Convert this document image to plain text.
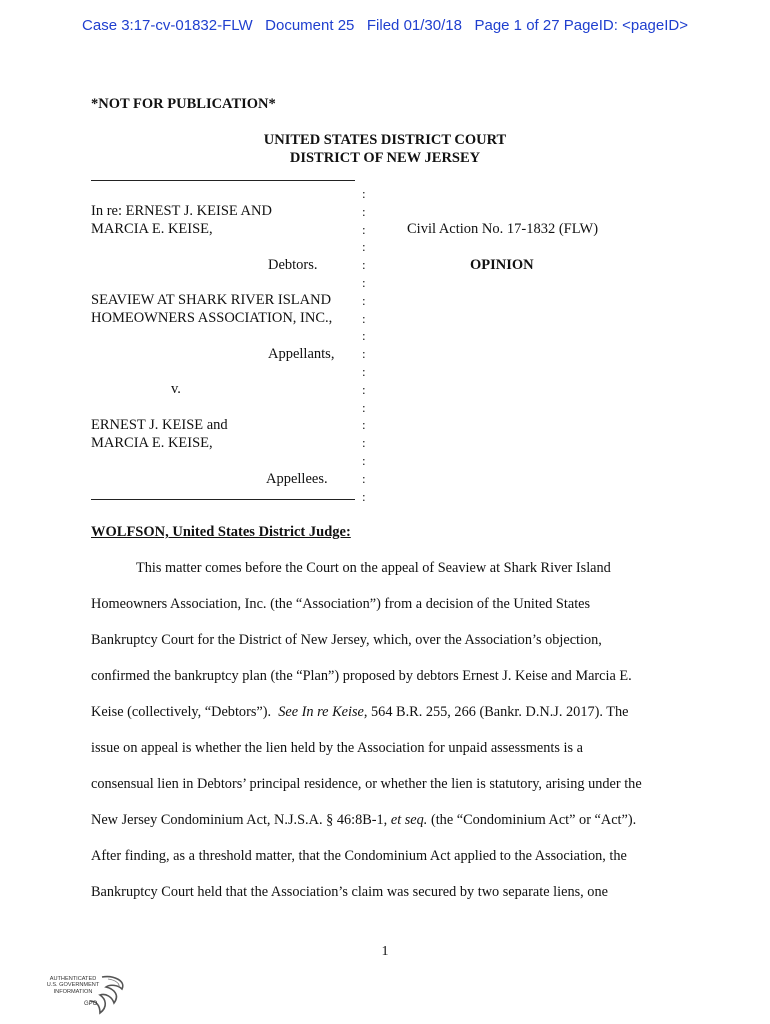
Case 3:17-cv-01832-FLW Document 25 Filed 01/30/18 Page 1 of 27 PageID: <pageID>
*NOT FOR PUBLICATION*
UNITED STATES DISTRICT COURT
DISTRICT OF NEW JERSEY
In re: ERNEST J. KEISE AND
MARCIA E. KEISE,
Debtors.
SEAVIEW AT SHARK RIVER ISLAND
HOMEOWNERS ASSOCIATION, INC.,
Appellants,
v.
ERNEST J. KEISE and
MARCIA E. KEISE,
Appellees.
:
:
:
:
:
:
:
:
:
:
:
:
:
:
:
:
:
:
Civil Action No. 17-1832 (FLW)
OPINION
WOLFSON, United States District Judge:
This matter comes before the Court on the appeal of Seaview at Shark River Island
Homeowners Association, Inc. (the “Association”) from a decision of the United States
Bankruptcy Court for the District of New Jersey, which, over the Association’s objection,
confirmed the bankruptcy plan (the “Plan”) proposed by debtors Ernest J. Keise and Marcia E.
Keise (collectively, “Debtors”). See In re Keise, 564 B.R. 255, 266 (Bankr. D.N.J. 2017). The
issue on appeal is whether the lien held by the Association for unpaid assessments is a
consensual lien in Debtors’ principal residence, or whether the lien is statutory, arising under the
New Jersey Condominium Act, N.J.S.A. § 46:8B-1, et seq. (the “Condominium Act” or “Act”).
After finding, as a threshold matter, that the Condominium Act applied to the Association, the
Bankruptcy Court held that the Association’s claim was secured by two separate liens, one
1
AUTHENTICATED
U.S. GOVERNMENT
INFORMATION
GPO
